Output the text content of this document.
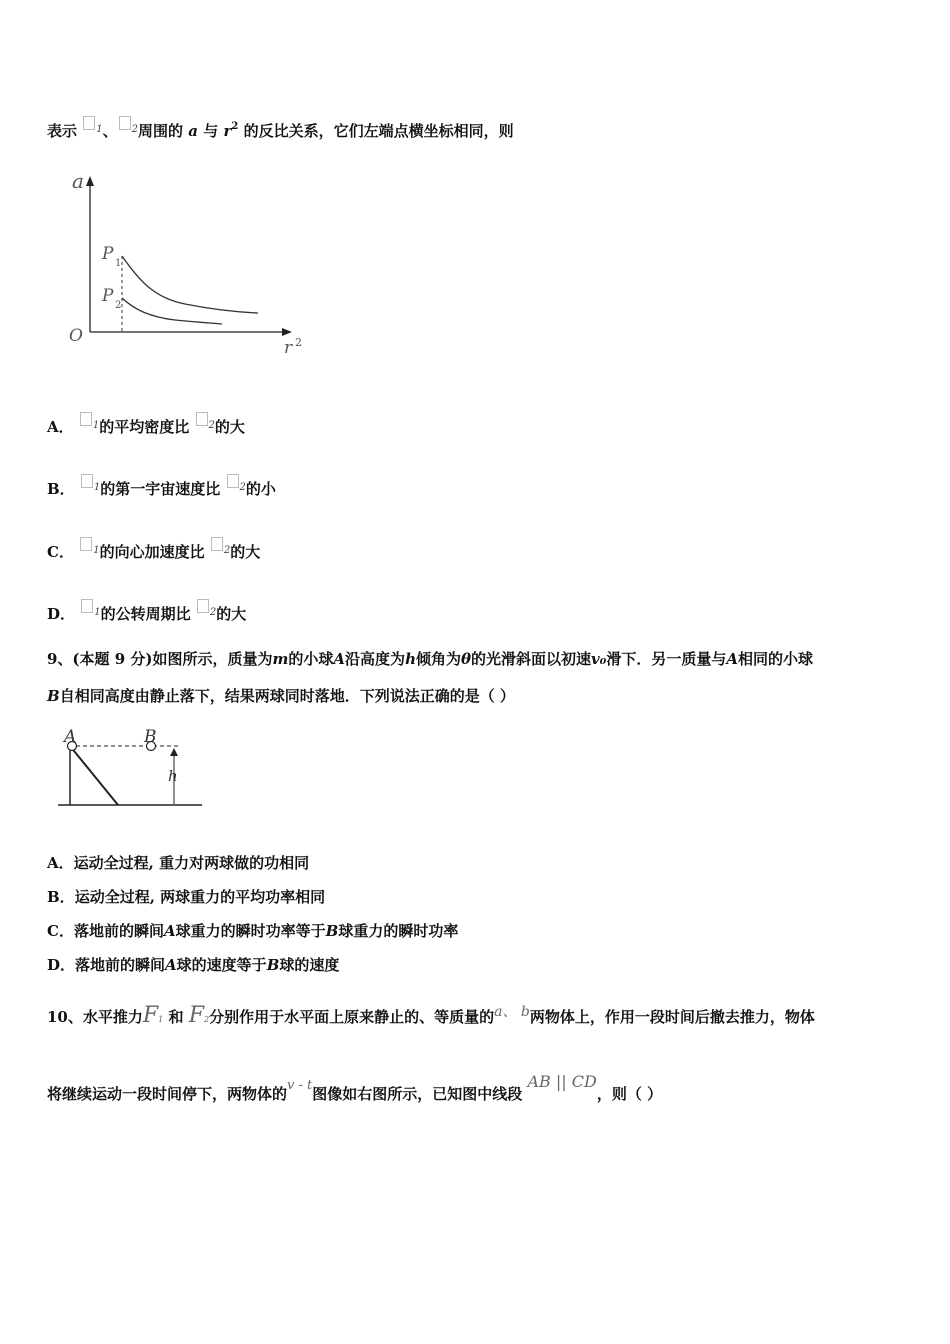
表示 $^1$、 $^2$周围的 a 与 $r^2$ 的反比关系，它们左端点横坐标相同，则
a
O
r 2
P 1
P 2
A． $^1$的平均密度比 $^2$的大
B． $^1$的第一宇宙速度比 $^2$的小
C． $^1$的向心加速度比 $^2$的大
D． $^1$的公转周期比 $^2$的大
9、(本题 9 分)如图所示，质量为m的小球A沿高度为h倾角为θ的光滑斜面以初速v₀滑下．另一质量与A相同的小球
B自相同高度由静止落下，结果两球同时落地．下列说法正确的是（ ）
A	B
h
A．运动全过程, 重力对两球做的功相同
B．运动全过程, 两球重力的平均功率相同
C．落地前的瞬间A球重力的瞬时功率等于B球重力的瞬时功率
D．落地前的瞬间A球的速度等于B球的速度
10、水平推力F1 和 F2分别作用于水平面上原来静止的、等质量的a、 b两物体上，作用一段时间后撤去推力，物体
将继续运动一段时间停下，两物体的v - t图像如右图所示，已知图中线段 AB || CD，则（ ）
